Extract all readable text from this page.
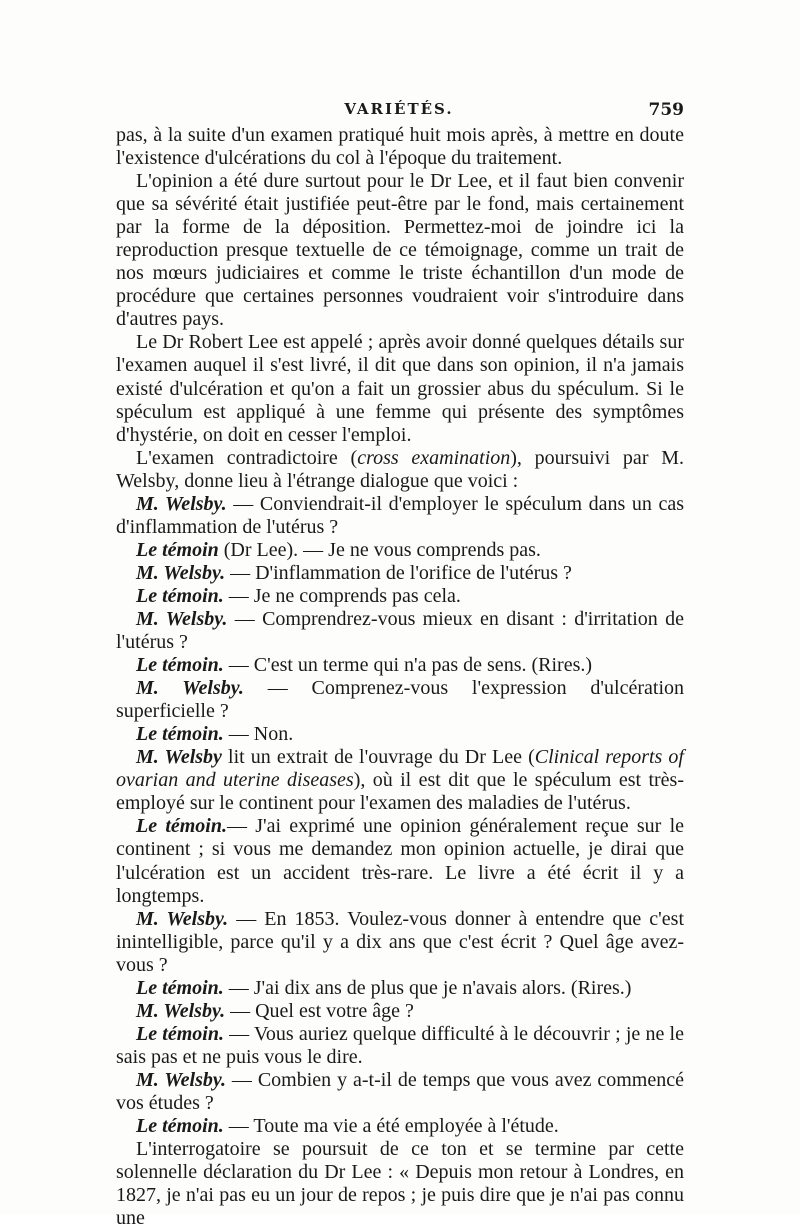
VARIÉTÉS.	759

pas, à la suite d'un examen pratiqué huit mois après, à mettre en doute l'existence d'ulcérations du col à l'époque du traitement.

L'opinion a été dure surtout pour le Dr Lee, et il faut bien convenir que sa sévérité était justifiée peut-être par le fond, mais certainement par la forme de la déposition. Permettez-moi de joindre ici la reproduction presque textuelle de ce témoignage, comme un trait de nos mœurs judiciaires et comme le triste échantillon d'un mode de procédure que certaines personnes voudraient voir s'introduire dans d'autres pays.

Le Dr Robert Lee est appelé ; après avoir donné quelques détails sur l'examen auquel il s'est livré, il dit que dans son opinion, il n'a jamais existé d'ulcération et qu'on a fait un grossier abus du spéculum. Si le spéculum est appliqué à une femme qui présente des symptômes d'hystérie, on doit en cesser l'emploi.

L'examen contradictoire (cross examination), poursuivi par M. Welsby, donne lieu à l'étrange dialogue que voici :

M. Welsby. — Conviendrait-il d'employer le spéculum dans un cas d'inflammation de l'utérus ?

Le témoin (Dr Lee). — Je ne vous comprends pas.

M. Welsby. — D'inflammation de l'orifice de l'utérus ?

Le témoin. — Je ne comprends pas cela.

M. Welsby. — Comprendrez-vous mieux en disant : d'irritation de l'utérus ?

Le témoin. — C'est un terme qui n'a pas de sens. (Rires.)

M. Welsby. — Comprenez-vous l'expression d'ulcération superficielle ?

Le témoin. — Non.

M. Welsby lit un extrait de l'ouvrage du Dr Lee (Clinical reports of ovarian and uterine diseases), où il est dit que le spéculum est très-employé sur le continent pour l'examen des maladies de l'utérus.

Le témoin.— J'ai exprimé une opinion généralement reçue sur le continent ; si vous me demandez mon opinion actuelle, je dirai que l'ulcération est un accident très-rare. Le livre a été écrit il y a longtemps.

M. Welsby. — En 1853. Voulez-vous donner à entendre que c'est inintelligible, parce qu'il y a dix ans que c'est écrit ? Quel âge avez-vous ?

Le témoin. — J'ai dix ans de plus que je n'avais alors. (Rires.)

M. Welsby. — Quel est votre âge ?

Le témoin. — Vous auriez quelque difficulté à le découvrir ; je ne le sais pas et ne puis vous le dire.

M. Welsby. — Combien y a-t-il de temps que vous avez commencé vos études ?

Le témoin. — Toute ma vie a été employée à l'étude.

L'interrogatoire se poursuit de ce ton et se termine par cette solennelle déclaration du Dr Lee : « Depuis mon retour à Londres, en 1827, je n'ai pas eu un jour de repos ; je puis dire que je n'ai pas connu une
